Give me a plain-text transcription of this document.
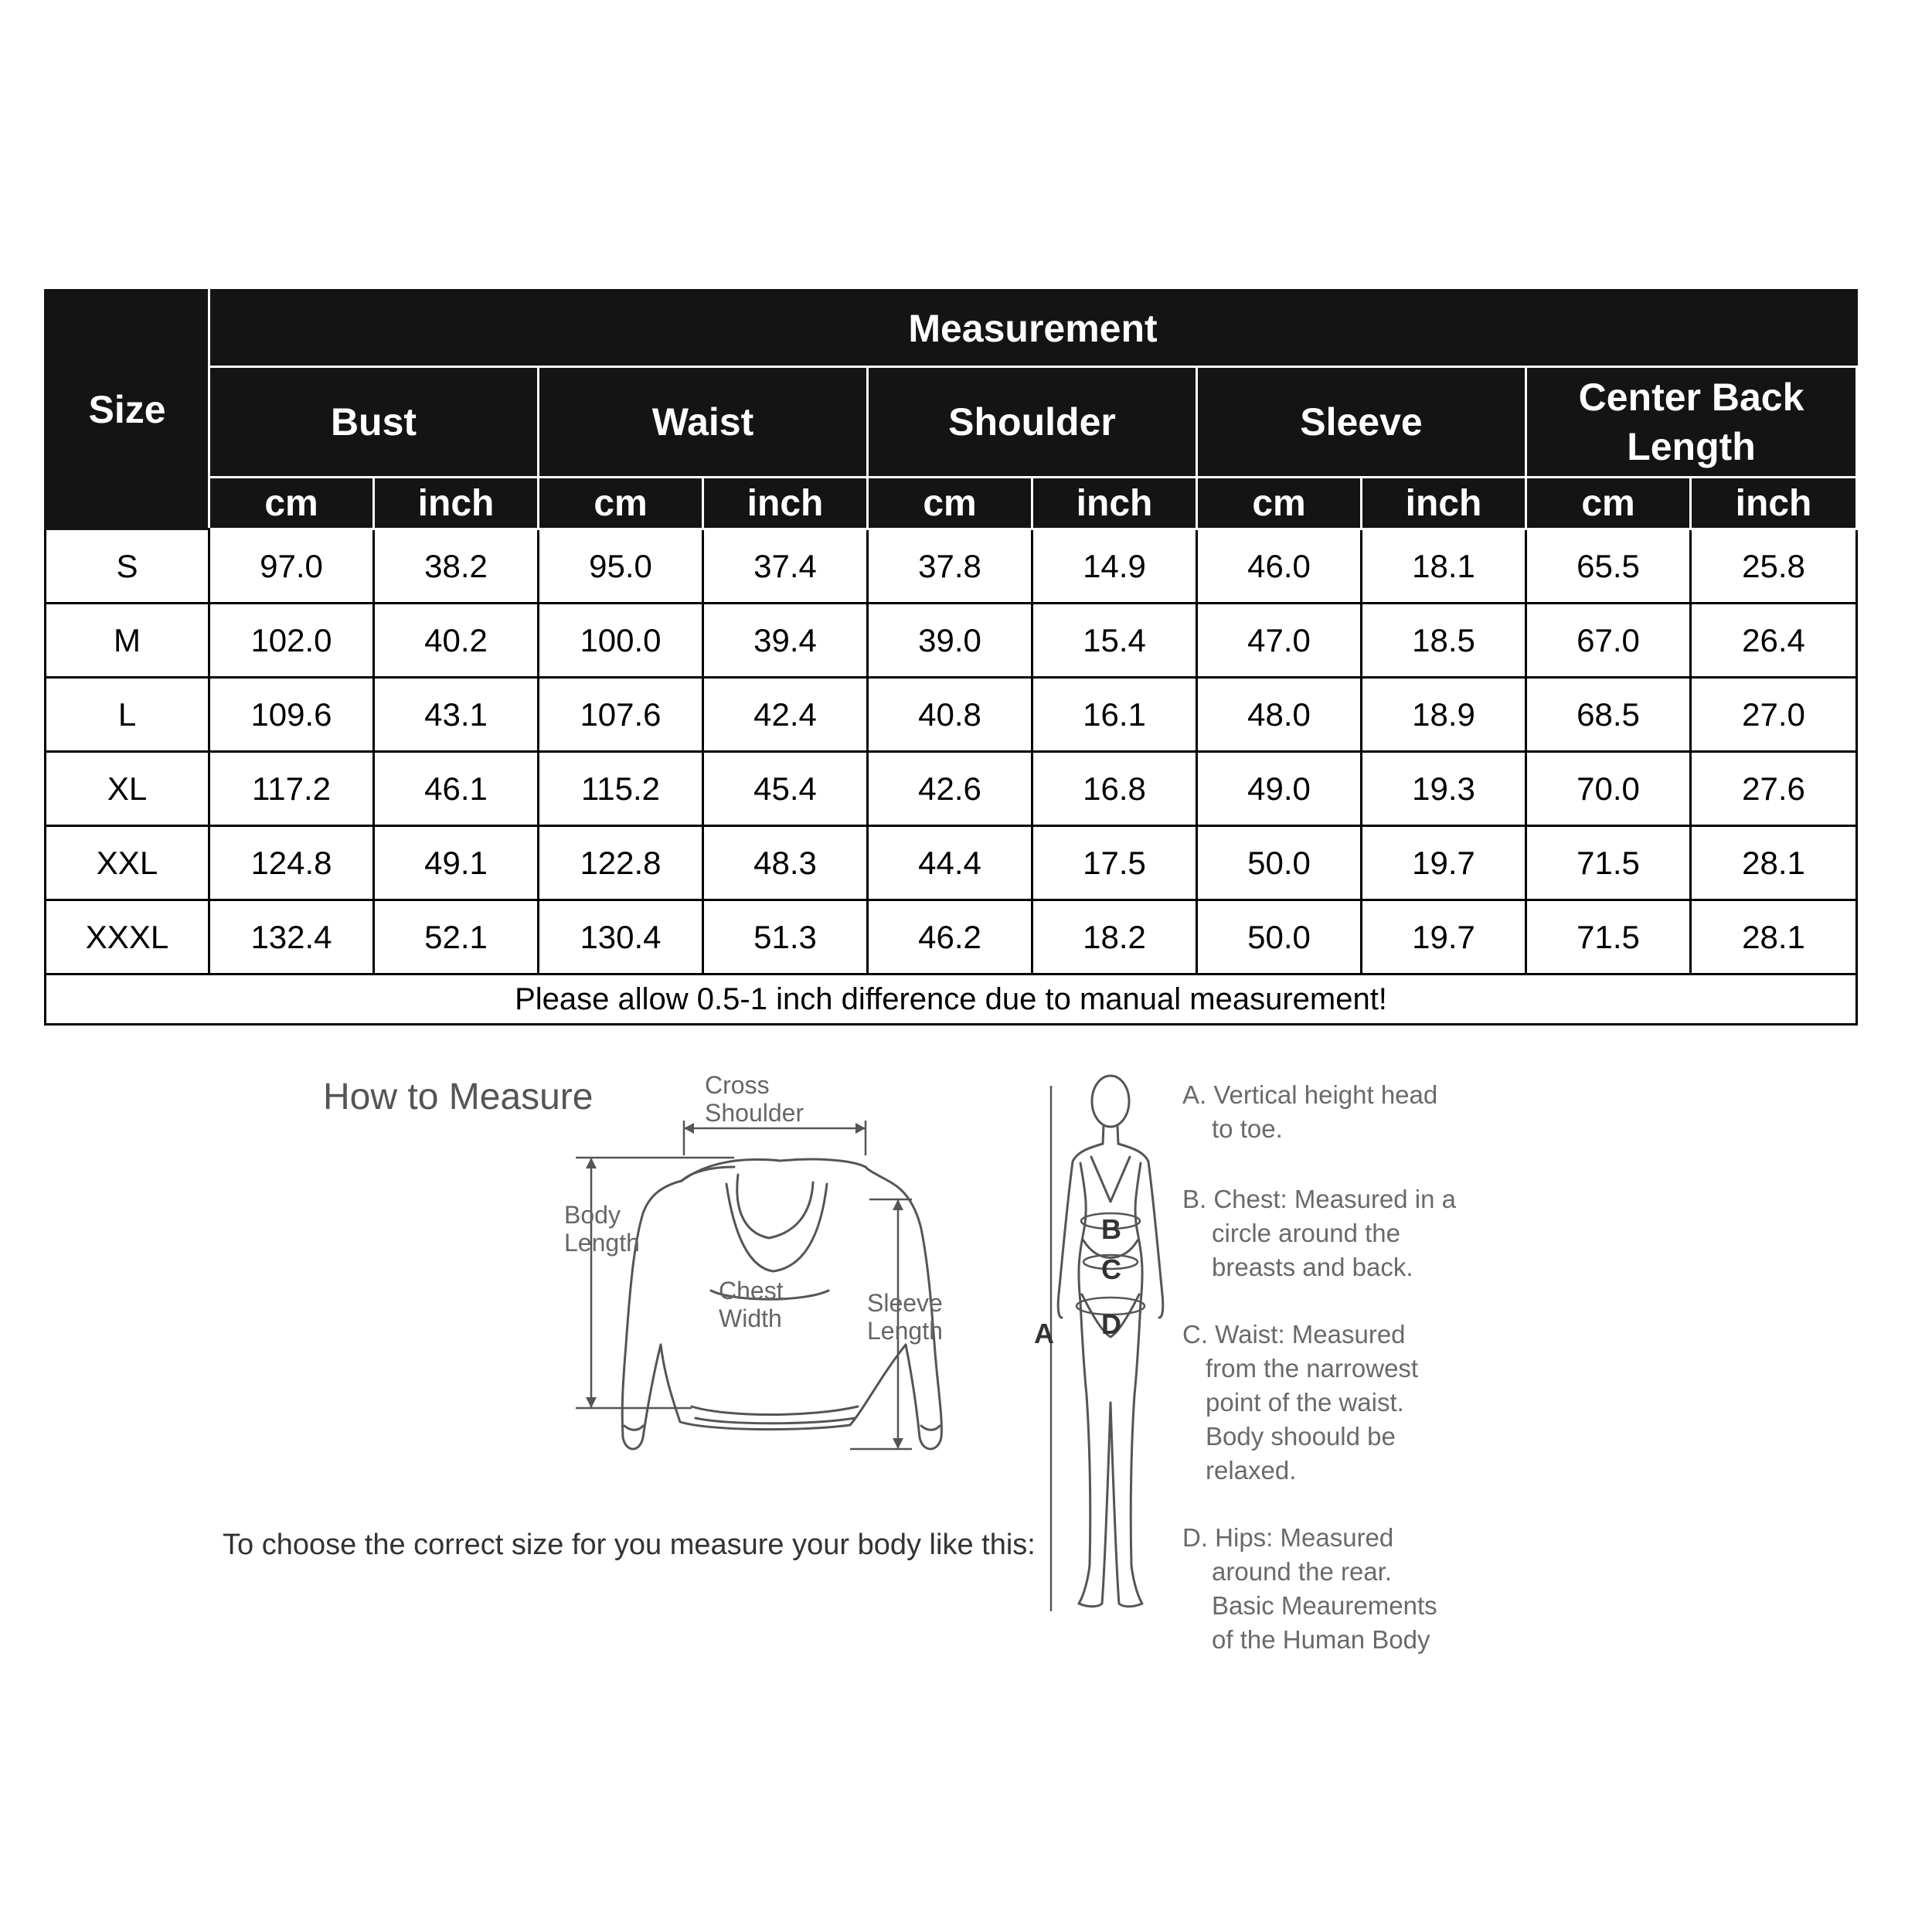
Size	Measurement									
	Bust		Waist		Shoulder		Sleeve		Center Back Length	
	cm	inch	cm	inch	cm	inch	cm	inch	cm	inch
S	97.0	38.2	95.0	37.4	37.8	14.9	46.0	18.1	65.5	25.8
M	102.0	40.2	100.0	39.4	39.0	15.4	47.0	18.5	67.0	26.4
L	109.6	43.1	107.6	42.4	40.8	16.1	48.0	18.9	68.5	27.0
XL	117.2	46.1	115.2	45.4	42.6	16.8	49.0	19.3	70.0	27.6
XXL	124.8	49.1	122.8	48.3	44.4	17.5	50.0	19.7	71.5	28.1
XXXL	132.4	52.1	130.4	51.3	46.2	18.2	50.0	19.7	71.5	28.1
Please allow 0.5-1 inch difference due to manual measurement!										
How to Measure
To choose the correct size for you measure your body like this:
Cross
Shoulder
Body
Length
Chest
Width
Sleeve
Length
B
C
D
A
A. Vertical height head
to toe.
B. Chest: Measured in a
circle around the breasts and back.
C. Waist: Measured
from the narrowest point of the waist. Body shoould be relaxed.
D. Hips: Measured
around the rear. Basic Meaurements of the Human Body
